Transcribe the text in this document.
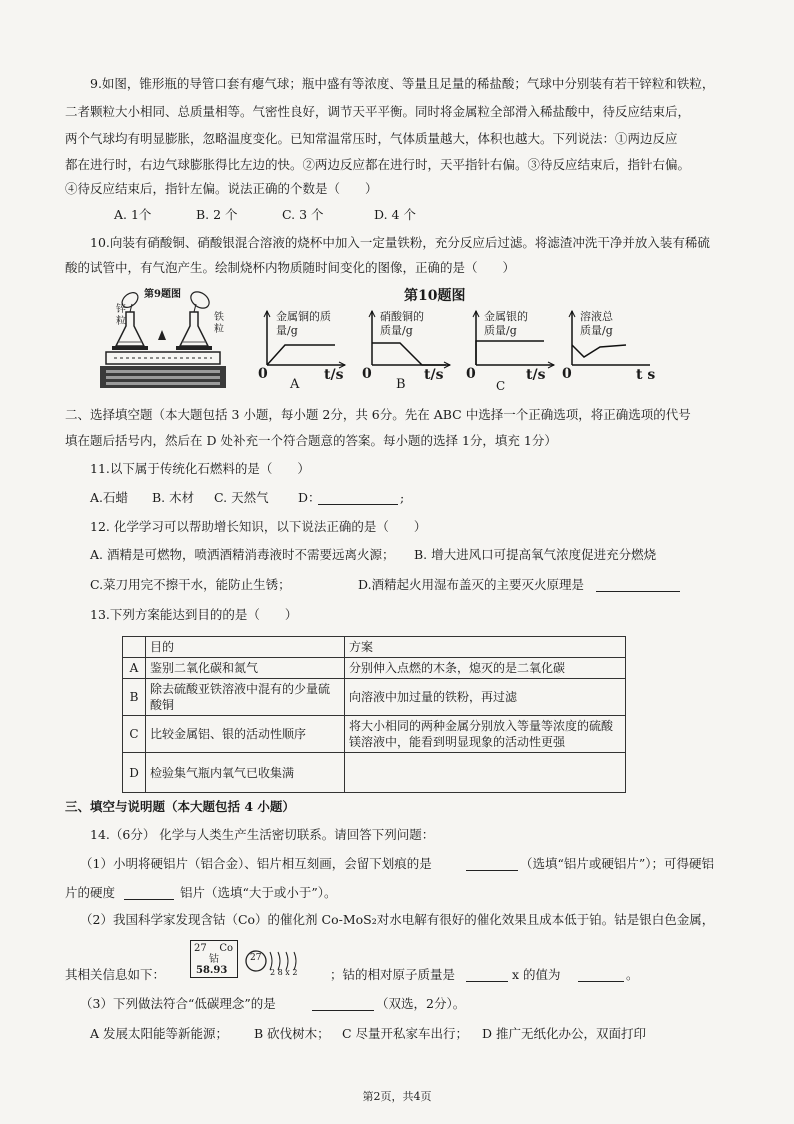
9.如图，锥形瓶的导管口套有瘪气球；瓶中盛有等浓度、等量且足量的稀盐酸；气球中分别装有若干锌粒和铁粒，
二者颗粒大小相同、总质量相等。气密性良好，调节天平平衡。同时将金属粒全部滑入稀盐酸中，待反应结束后，
两个气球均有明显膨胀，忽略温度变化。已知常温常压时，气体质量越大，体积也越大。下列说法：①两边反应
都在进行时，右边气球膨胀得比左边的快。②两边反应都在进行时，天平指针右偏。③待反应结束后，指针右偏。
④待反应结束后，指针左偏。说法正确的个数是（　　）
A. 1个	B. 2 个	C. 3 个	D. 4 个
10.向装有硝酸铜、硝酸银混合溶液的烧杯中加入一定量铁粉，充分反应后过滤。将滤渣冲洗干净并放入装有稀硫
酸的试管中，有气泡产生。绘制烧杯内物质随时间变化的图像，正确的是（　　）
第9题图
锌粒	铁粒
第10题图
金属铜的质
量/g
0	t/s
A
硝酸铜的
质量/g
0	t/s
B
金属银的
质量/g
0	t/s
C
溶液总
质量/g
0	t s
二、选择填空题（本大题包括 3 小题，每小题 2分，共 6分。先在 ABC 中选择一个正确选项，将正确选项的代号
填在题后括号内，然后在 D 处补充一个符合题意的答案。每小题的选择 1分，填充 1分）
11.以下属于传统化石燃料的是（　　）
A.石蜡 B. 木材 C. 天然气 D：	;
12. 化学学习可以帮助增长知识，以下说法正确的是（　　）
A. 酒精是可燃物，喷洒酒精消毒液时不需要远离火源； B. 增大进风口可提高氧气浓度促进充分燃烧
C.菜刀用完不擦干水，能防止生锈；	D.酒精起火用湿布盖灭的主要灭火原理是
13.下列方案能达到目的的是（　　）
	目的	方案
A	鉴别二氧化碳和氮气	分别伸入点燃的木条，熄灭的是二氧化碳
B	除去硫酸亚铁溶液中混有的少量硫酸铜	向溶液中加过量的铁粉，再过滤
C	比较金属铝、银的活动性顺序	将大小相同的两种金属分别放入等量等浓度的硫酸镁溶液中，能看到明显现象的活动性更强
D	检验集气瓶内氧气已收集满	
三、填空与说明题（本大题包括 4 小题）
14.（6分） 化学与人类生产生活密切联系。请回答下列问题：
（1）小明将硬铝片（铝合金）、铝片相互刻画，会留下划痕的是	（选填“铝片或硬铝片”）；可得硬铝
片的硬度	铝片（选填“大于或小于”）。
（2）我国科学家发现含钴（Co）的催化剂 Co-MoS₂对水电解有很好的催化效果且成本低于铂。钴是银白色金属，
27 Co
钴
58.93
27
2 8 x 2
其相关信息如下：	；钴的相对原子质量是	x 的值为	。
（3）下列做法符合“低碳理念”的是	（双选，2分）。
A 发展太阳能等新能源； B 砍伐树木； C 尽量开私家车出行； D 推广无纸化办公，双面打印
第2页，共4页
